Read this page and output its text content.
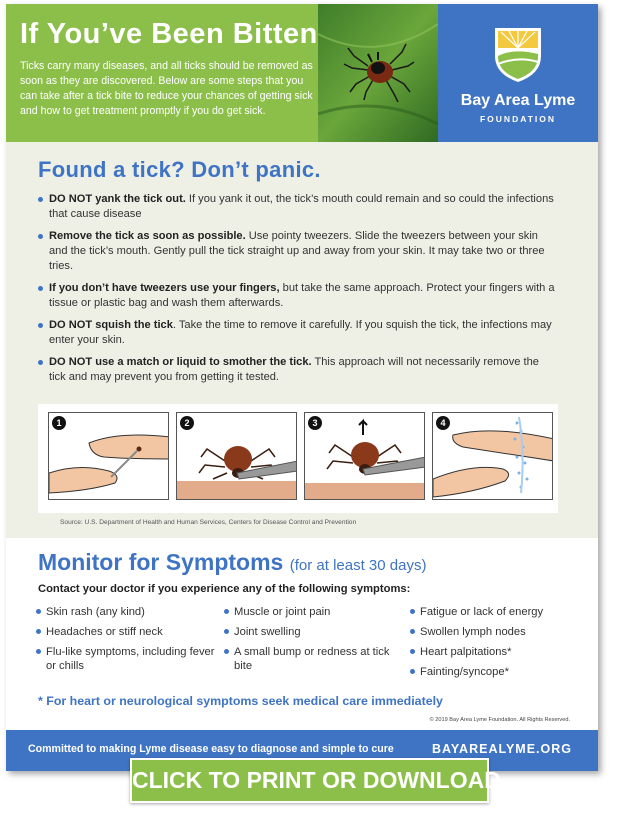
If You’ve Been Bitten
Ticks carry many diseases, and all ticks should be removed as soon as they are discovered. Below are some steps that you can take after a tick bite to reduce your chances of getting sick and how to get treatment promptly if you do get sick.
Bay Area Lyme
FOUNDATION
Found a tick? Don’t panic.
DO NOT yank the tick out. If you yank it out, the tick’s mouth could remain and so could the infections that cause disease
Remove the tick as soon as possible. Use pointy tweezers. Slide the tweezers between your skin and the tick’s mouth. Gently pull the tick straight up and away from your skin. It may take two or three tries.
If you don’t have tweezers use your fingers, but take the same approach. Protect your fingers with a tissue or plastic bag and wash them afterwards.
DO NOT squish the tick. Take the time to remove it carefully. If you squish the tick, the infections may enter your skin.
DO NOT use a match or liquid to smother the tick. This approach will not necessarily remove the tick and may prevent you from getting it tested.
1	2	3	4
Source: U.S. Department of Health and Human Services, Centers for Disease Control and Prevention
Monitor for Symptoms (for at least 30 days)
Contact your doctor if you experience any of the following symptoms:
Skin rash (any kind)
Headaches or stiff neck
Flu-like symptoms, including fever or chills
Muscle or joint pain
Joint swelling
A small bump or redness at tick bite
Fatigue or lack of energy
Swollen lymph nodes
Heart palpitations*
Fainting/syncope*
* For heart or neurological symptoms seek medical care immediately
© 2019 Bay Area Lyme Foundation. All Rights Reserved.
Committed to making Lyme disease easy to diagnose and simple to cure	BAYAREALYME.ORG
CLICK TO PRINT OR DOWNLOAD
